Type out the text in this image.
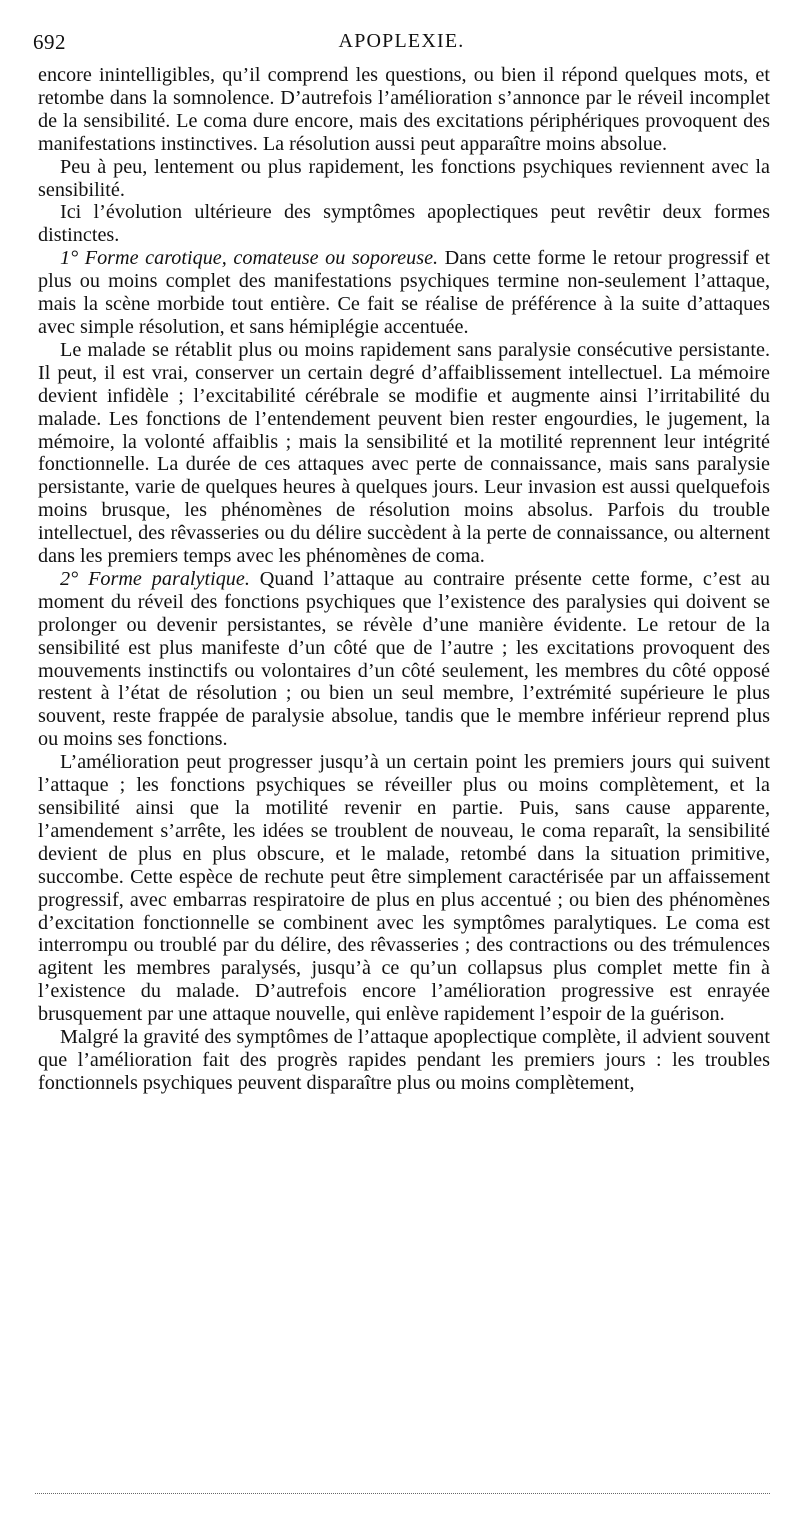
692	APOPLEXIE.

encore inintelligibles, qu’il comprend les questions, ou bien il répond quelques mots, et retombe dans la somnolence. D’autrefois l’amélioration s’annonce par le réveil incomplet de la sensibilité. Le coma dure encore, mais des excitations périphériques provoquent des manifestations instinctives. La résolution aussi peut apparaître moins absolue.

Peu à peu, lentement ou plus rapidement, les fonctions psychiques reviennent avec la sensibilité.

Ici l’évolution ultérieure des symptômes apoplectiques peut revêtir deux formes distinctes.

1° Forme carotique, comateuse ou soporeuse. Dans cette forme le retour progressif et plus ou moins complet des manifestations psychiques termine non-seulement l’attaque, mais la scène morbide tout entière. Ce fait se réalise de préférence à la suite d’attaques avec simple résolution, et sans hémiplégie accentuée.

Le malade se rétablit plus ou moins rapidement sans paralysie consécutive persistante. Il peut, il est vrai, conserver un certain degré d’affaiblissement intellectuel. La mémoire devient infidèle ; l’excitabilité cérébrale se modifie et augmente ainsi l’irritabilité du malade. Les fonctions de l’entendement peuvent bien rester engourdies, le jugement, la mémoire, la volonté affaiblis ; mais la sensibilité et la motilité reprennent leur intégrité fonctionnelle. La durée de ces attaques avec perte de connaissance, mais sans paralysie persistante, varie de quelques heures à quelques jours. Leur invasion est aussi quelquefois moins brusque, les phénomènes de résolution moins absolus. Parfois du trouble intellectuel, des rêvasseries ou du délire succèdent à la perte de connaissance, ou alternent dans les premiers temps avec les phénomènes de coma.

2° Forme paralytique. Quand l’attaque au contraire présente cette forme, c’est au moment du réveil des fonctions psychiques que l’existence des paralysies qui doivent se prolonger ou devenir persistantes, se révèle d’une manière évidente. Le retour de la sensibilité est plus manifeste d’un côté que de l’autre ; les excitations provoquent des mouvements instinctifs ou volontaires d’un côté seulement, les membres du côté opposé restent à l’état de résolution ; ou bien un seul membre, l’extrémité supérieure le plus souvent, reste frappée de paralysie absolue, tandis que le membre inférieur reprend plus ou moins ses fonctions.

L’amélioration peut progresser jusqu’à un certain point les premiers jours qui suivent l’attaque ; les fonctions psychiques se réveiller plus ou moins complètement, et la sensibilité ainsi que la motilité revenir en partie. Puis, sans cause apparente, l’amendement s’arrête, les idées se troublent de nouveau, le coma reparaît, la sensibilité devient de plus en plus obscure, et le malade, retombé dans la situation primitive, succombe. Cette espèce de rechute peut être simplement caractérisée par un affaissement progressif, avec embarras respiratoire de plus en plus accentué ; ou bien des phénomènes d’excitation fonctionnelle se combinent avec les symptômes paralytiques. Le coma est interrompu ou troublé par du délire, des rêvasseries ; des contractions ou des trémulences agitent les membres paralysés, jusqu’à ce qu’un collapsus plus complet mette fin à l’existence du malade. D’autrefois encore l’amélioration progressive est enrayée brusquement par une attaque nouvelle, qui enlève rapidement l’espoir de la guérison.

Malgré la gravité des symptômes de l’attaque apoplectique complète, il advient souvent que l’amélioration fait des progrès rapides pendant les premiers jours : les troubles fonctionnels psychiques peuvent disparaître plus ou moins complètement,
